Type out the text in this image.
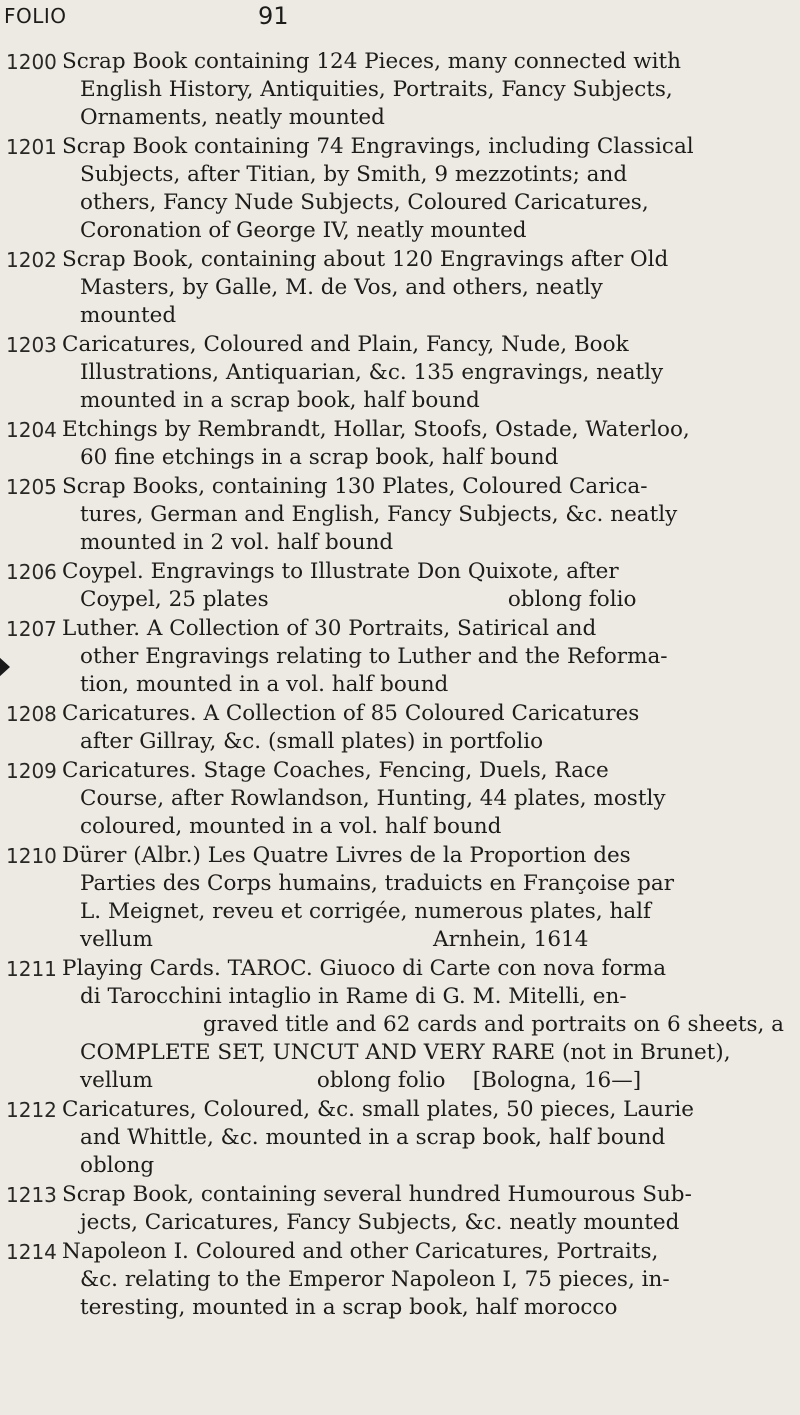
FOLIO	91
1200 Scrap Book containing 124 Pieces, many connected with
English History, Antiquities, Portraits, Fancy Subjects,
Ornaments, neatly mounted
1201 Scrap Book containing 74 Engravings, including Classical
Subjects, after Titian, by Smith, 9 mezzotints; and
others, Fancy Nude Subjects, Coloured Caricatures,
Coronation of George IV, neatly mounted
1202 Scrap Book, containing about 120 Engravings after Old
Masters, by Galle, M. de Vos, and others, neatly
mounted
1203 Caricatures, Coloured and Plain, Fancy, Nude, Book
Illustrations, Antiquarian, &c. 135 engravings, neatly
mounted in a scrap book, half bound
1204 Etchings by Rembrandt, Hollar, Stoofs, Ostade, Waterloo,
60 fine etchings in a scrap book, half bound
1205 Scrap Books, containing 130 Plates, Coloured Carica-
tures, German and English, Fancy Subjects, &c. neatly
mounted in 2 vol. half bound
1206 Coypel. Engravings to Illustrate Don Quixote, after
Coypel, 25 plates                                   oblong folio
1207 Luther. A Collection of 30 Portraits, Satirical and
other Engravings relating to Luther and the Reforma-
tion, mounted in a vol. half bound
1208 Caricatures. A Collection of 85 Coloured Caricatures
after Gillray, &c. (small plates) in portfolio
1209 Caricatures. Stage Coaches, Fencing, Duels, Race
Course, after Rowlandson, Hunting, 44 plates, mostly
coloured, mounted in a vol. half bound
1210 Dürer (Albr.) Les Quatre Livres de la Proportion des
Parties des Corps humains, traduicts en Françoise par
L. Meignet, reveu et corrigée, numerous plates, half
vellum                                         Arnhein, 1614
1211 Playing Cards. TAROC. Giuoco di Carte con nova forma
di Tarocchini intaglio in Rame di G. M. Mitelli, en-
graved title and 62 cards and portraits on 6 sheets, a
COMPLETE SET, UNCUT AND VERY RARE (not in Brunet),
vellum                        oblong folio    [Bologna, 16—]
1212 Caricatures, Coloured, &c. small plates, 50 pieces, Laurie
and Whittle, &c. mounted in a scrap book, half bound
oblong
1213 Scrap Book, containing several hundred Humourous Sub-
jects, Caricatures, Fancy Subjects, &c. neatly mounted
1214 Napoleon I. Coloured and other Caricatures, Portraits,
&c. relating to the Emperor Napoleon I, 75 pieces, in-
teresting, mounted in a scrap book, half morocco
